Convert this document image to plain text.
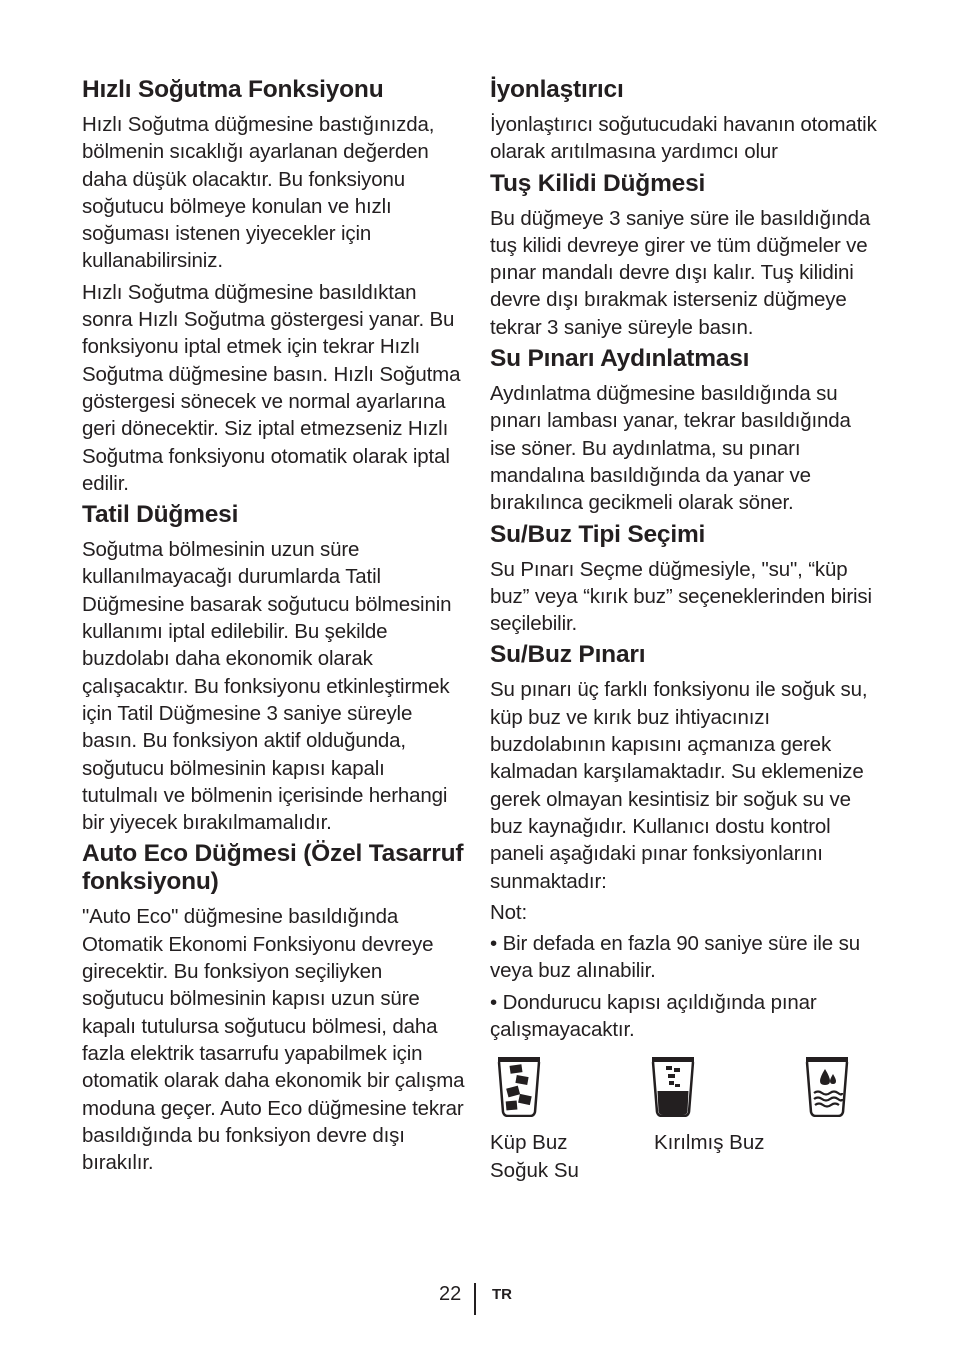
Hızlı Soğutma Fonksiyonu

Hızlı Soğutma düğmesine bastığınızda, bölmenin sıcaklığı ayarlanan değerden daha düşük olacaktır. Bu fonksiyonu soğutucu bölmeye konulan ve hızlı soğuması istenen yiyecekler için kullanabilirsiniz.

Hızlı Soğutma düğmesine basıldıktan sonra Hızlı Soğutma göstergesi yanar. Bu fonksiyonu iptal etmek için tekrar Hızlı Soğutma düğmesine basın. Hızlı Soğutma göstergesi sönecek ve normal ayarlarına geri dönecektir. Siz iptal etmezseniz Hızlı Soğutma fonksiyonu otomatik olarak iptal edilir.

Tatil Düğmesi

Soğutma bölmesinin uzun süre kullanılmayacağı durumlarda Tatil Düğmesine basarak soğutucu bölmesinin kullanımı iptal edilebilir. Bu şekilde buzdolabı daha ekonomik olarak çalışacaktır. Bu fonksiyonu etkinleştirmek için Tatil Düğmesine 3 saniye süreyle basın. Bu fonksiyon aktif olduğunda, soğutucu bölmesinin kapısı kapalı tutulmalı ve bölmenin içerisinde herhangi bir yiyecek bırakılmamalıdır.

Auto Eco Düğmesi (Özel Tasarruf fonksiyonu)

"Auto Eco" düğmesine basıldığında Otomatik Ekonomi Fonksiyonu devreye girecektir. Bu fonksiyon seçiliyken soğutucu bölmesinin kapısı uzun süre kapalı tutulursa soğutucu bölmesi, daha fazla elektrik tasarrufu yapabilmek için otomatik olarak daha ekonomik bir çalışma moduna geçer. Auto Eco düğmesine tekrar basıldığında bu fonksiyon devre dışı bırakılır.

İyonlaştırıcı

İyonlaştırıcı soğutucudaki havanın otomatik olarak arıtılmasına yardımcı olur

Tuş Kilidi Düğmesi

Bu düğmeye 3 saniye süre ile basıldığında tuş kilidi devreye girer ve tüm düğmeler ve pınar mandalı devre dışı kalır. Tuş kilidini devre dışı bırakmak isterseniz düğmeye tekrar 3 saniye süreyle basın.

Su Pınarı Aydınlatması

Aydınlatma düğmesine basıldığında su pınarı lambası yanar, tekrar basıldığında ise söner. Bu aydınlatma, su pınarı mandalına basıldığında da yanar ve bırakılınca gecikmeli olarak söner.

Su/Buz Tipi Seçimi

Su Pınarı Seçme düğmesiyle, "su", “küp buz” veya “kırık buz” seçeneklerinden birisi seçilebilir.

Su/Buz Pınarı

Su pınarı üç farklı fonksiyonu ile soğuk su, küp buz ve kırık buz ihtiyacınızı buzdolabının kapısını açmanıza gerek kalmadan karşılamaktadır. Su eklemenize gerek olmayan kesintisiz bir soğuk su ve buz kaynağıdır. Kullanıcı dostu kontrol paneli aşağıdaki pınar fonksiyonlarını sunmaktadır:

Not:

• Bir defada en fazla 90 saniye süre ile su veya buz alınabilir.

• Dondurucu kapısı açıldığında pınar çalışmayacaktır.

Küp Buz
Soğuk Su
Kırılmış Buz
22 TR
